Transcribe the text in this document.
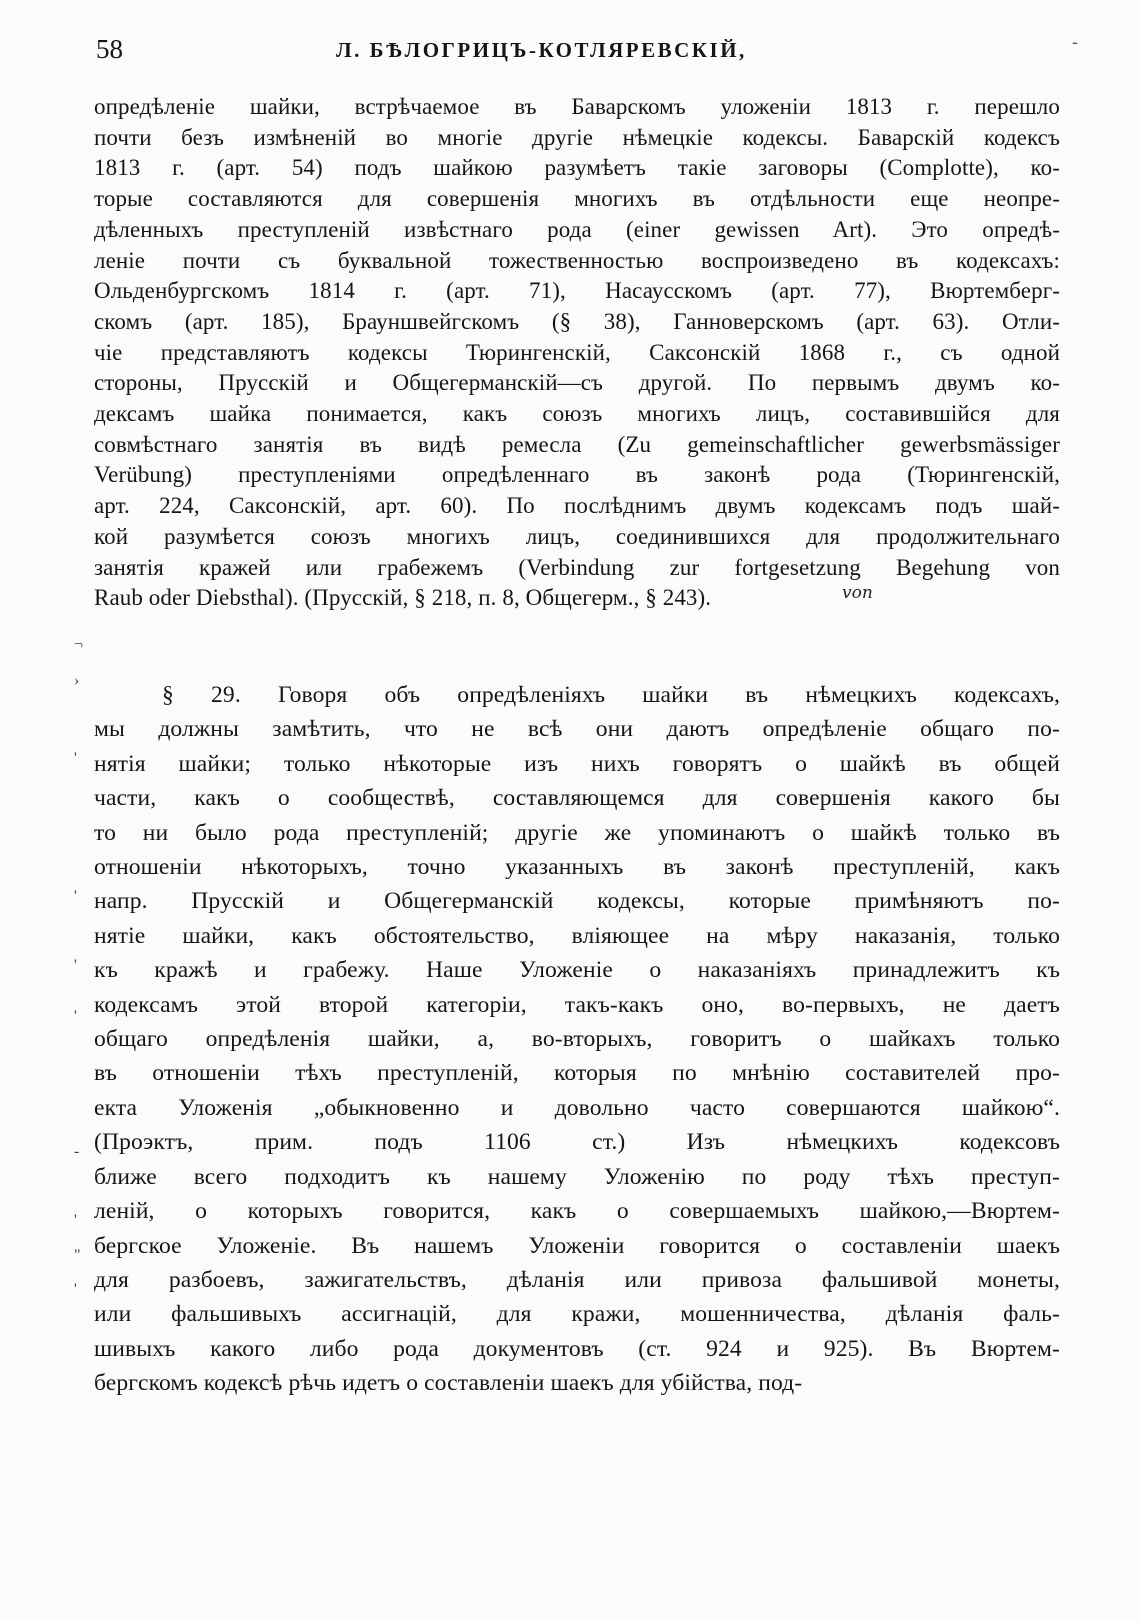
58	Л. БѢЛОГРИЦЪ-КОТЛЯРЕВСКІЙ,	-
опредѣленіе шайки, встрѣчаемое въ Баварскомъ уложеніи 1813 г. перешло
почти безъ измѣненій во многіе другіе нѣмецкіе кодексы. Баварскій кодексъ
1813 г. (арт. 54) подъ шайкою разумѣетъ такіе заговоры (Complotte), ко-
торые составляются для совершенія многихъ въ отдѣльности еще неопре-
дѣленныхъ преступленій извѣстнаго рода (einer gewissen Art). Это опредѣ-
леніе почти съ буквальной тожественностью воспроизведено въ кодексахъ:
Ольденбургскомъ 1814 г. (арт. 71), Насаусскомъ (арт. 77), Вюртемберг-
скомъ (арт. 185), Брауншвейгскомъ (§ 38), Ганноверскомъ (арт. 63). Отли-
чіе представляютъ кодексы Тюрингенскій, Саксонскій 1868 г., съ одной
стороны, Прусскій и Общегерманскій—съ другой. По первымъ двумъ ко-
дексамъ шайка понимается, какъ союзъ многихъ лицъ, составившійся для
совмѣстнаго занятія въ видѣ ремесла (Zu gemeinschaftlicher gewerbsmässiger
Verübung) преступленіями опредѣленнаго въ законѣ рода (Тюрингенскій,
арт. 224, Саксонскій, арт. 60). По послѣднимъ двумъ кодексамъ подъ шай-
кой разумѣется союзъ многихъ лицъ, соединившихся для продолжительнаго
занятія кражей или грабежемъ (Verbindung zur fortgesetzung Begehung von
Raub oder Diebsthal). (Прусскій, § 218, п. 8, Общегерм., § 243).
§ 29. Говоря объ опредѣленіяхъ шайки въ нѣмецкихъ кодексахъ,
мы должны замѣтить, что не всѣ они даютъ опредѣленіе общаго по-
нятія шайки; только нѣкоторые изъ нихъ говорятъ о шайкѣ въ общей
части, какъ о сообществѣ, составляющемся для совершенія какого бы
то ни было рода преступленій; другіе же упоминаютъ о шайкѣ только въ
отношеніи нѣкоторыхъ, точно указанныхъ въ законѣ преступленій, какъ
напр. Прусскій и Общегерманскій кодексы, которые примѣняютъ по-
нятіе шайки, какъ обстоятельство, вліяющее на мѣру наказанія, только
къ кражѣ и грабежу. Наше Уложеніе о наказаніяхъ принадлежитъ къ
кодексамъ этой второй категоріи, такъ-какъ оно, во-первыхъ, не даетъ
общаго опредѣленія шайки, а, во-вторыхъ, говоритъ о шайкахъ только
въ отношеніи тѣхъ преступленій, которыя по мнѣнію составителей про-
екта Уложенія „обыкновенно и довольно часто совершаются шайкою“.
(Проэктъ, прим. подъ 1106 ст.) Изъ нѣмецкихъ кодексовъ
ближе всего подходитъ къ нашему Уложенію по роду тѣхъ преступ-
леній, о которыхъ говорится, какъ о совершаемыхъ шайкою,—Вюртем-
бергское Уложеніе. Въ нашемъ Уложеніи говорится о составленіи шаекъ
для разбоевъ, зажигательствъ, дѣланія или привоза фальшивой монеты,
или фальшивыхъ ассигнацій, для кражи, мошенничества, дѣланія фаль-
шивыхъ какого либо рода документовъ (ст. 924 и 925). Въ Вюртем-
бергскомъ кодексѣ рѣчь идетъ о составленіи шаекъ для убійства, под-
von
¬
›
'
'
'
'
-
'
"
'
